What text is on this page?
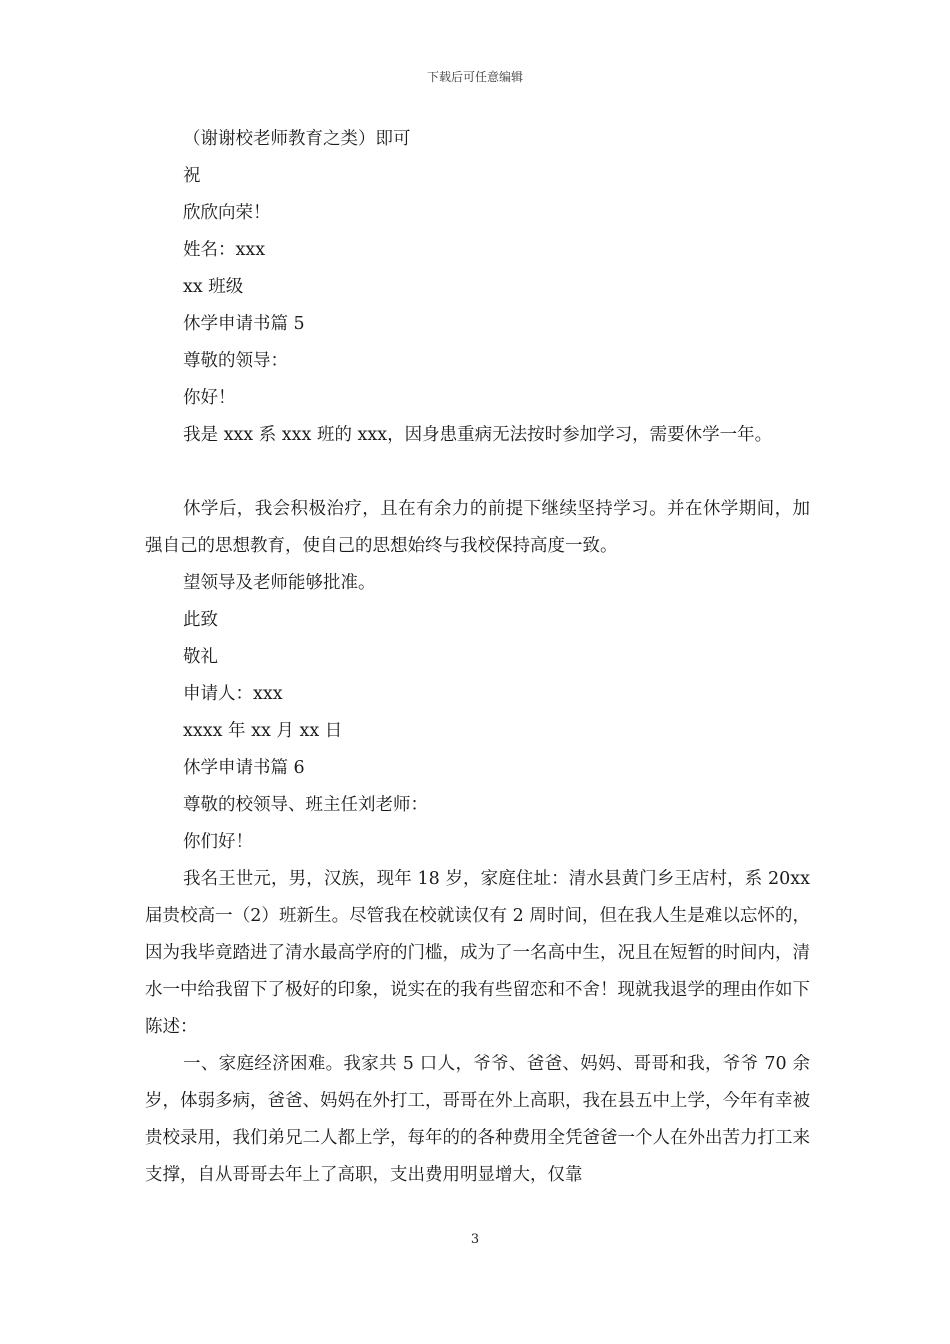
下载后可任意编辑

（谢谢校老师教育之类）即可

祝

欣欣向荣！

姓名：xxx

xx 班级

休学申请书篇 5

尊敬的领导：

你好！

我是 xxx 系 xxx 班的 xxx，因身患重病无法按时参加学习，需要休学一年。

休学后，我会积极治疗，且在有余力的前提下继续坚持学习。并在休学期间，加强自己的思想教育，使自己的思想始终与我校保持高度一致。

望领导及老师能够批准。

此致

敬礼

申请人：xxx

xxxx 年 xx 月 xx 日

休学申请书篇 6

尊敬的校领导、班主任刘老师：

你们好！

我名王世元，男，汉族，现年 18 岁，家庭住址：清水县黄门乡王店村，系 20xx 届贵校高一（2）班新生。尽管我在校就读仅有 2 周时间，但在我人生是难以忘怀的，因为我毕竟踏进了清水最高学府的门槛，成为了一名高中生，况且在短暂的时间内，清水一中给我留下了极好的印象，说实在的我有些留恋和不舍！现就我退学的理由作如下陈述：

一、家庭经济困难。我家共 5 口人，爷爷、爸爸、妈妈、哥哥和我，爷爷 70 余岁，体弱多病，爸爸、妈妈在外打工，哥哥在外上高职，我在县五中上学，今年有幸被贵校录用，我们弟兄二人都上学，每年的的各种费用全凭爸爸一个人在外出苦力打工来支撑，自从哥哥去年上了高职，支出费用明显增大，仅靠

3
